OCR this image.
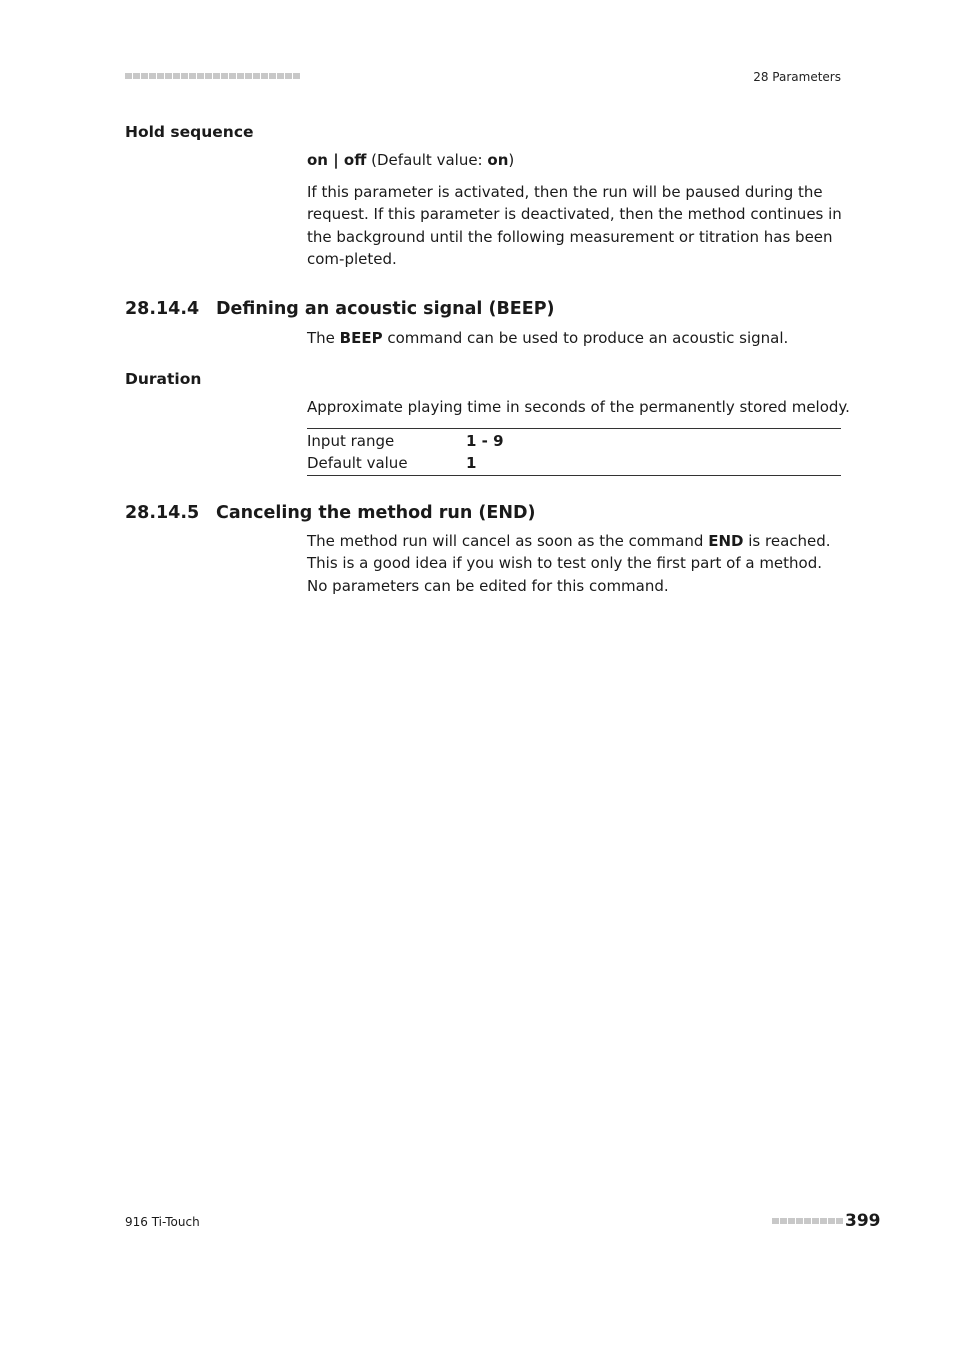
28 Parameters
Hold sequence
on | off (Default value: on)
If this parameter is activated, then the run will be paused during the request. If this parameter is deactivated, then the method continues in the background until the following measurement or titration has been com-pleted.
28.14.4 Defining an acoustic signal (BEEP)
The BEEP command can be used to produce an acoustic signal.
Duration
Approximate playing time in seconds of the permanently stored melody.
Input range	1 - 9
Default value	1
28.14.5 Canceling the method run (END)
The method run will cancel as soon as the command END is reached. This is a good idea if you wish to test only the first part of a method. No parameters can be edited for this command.
916 Ti-Touch	399
